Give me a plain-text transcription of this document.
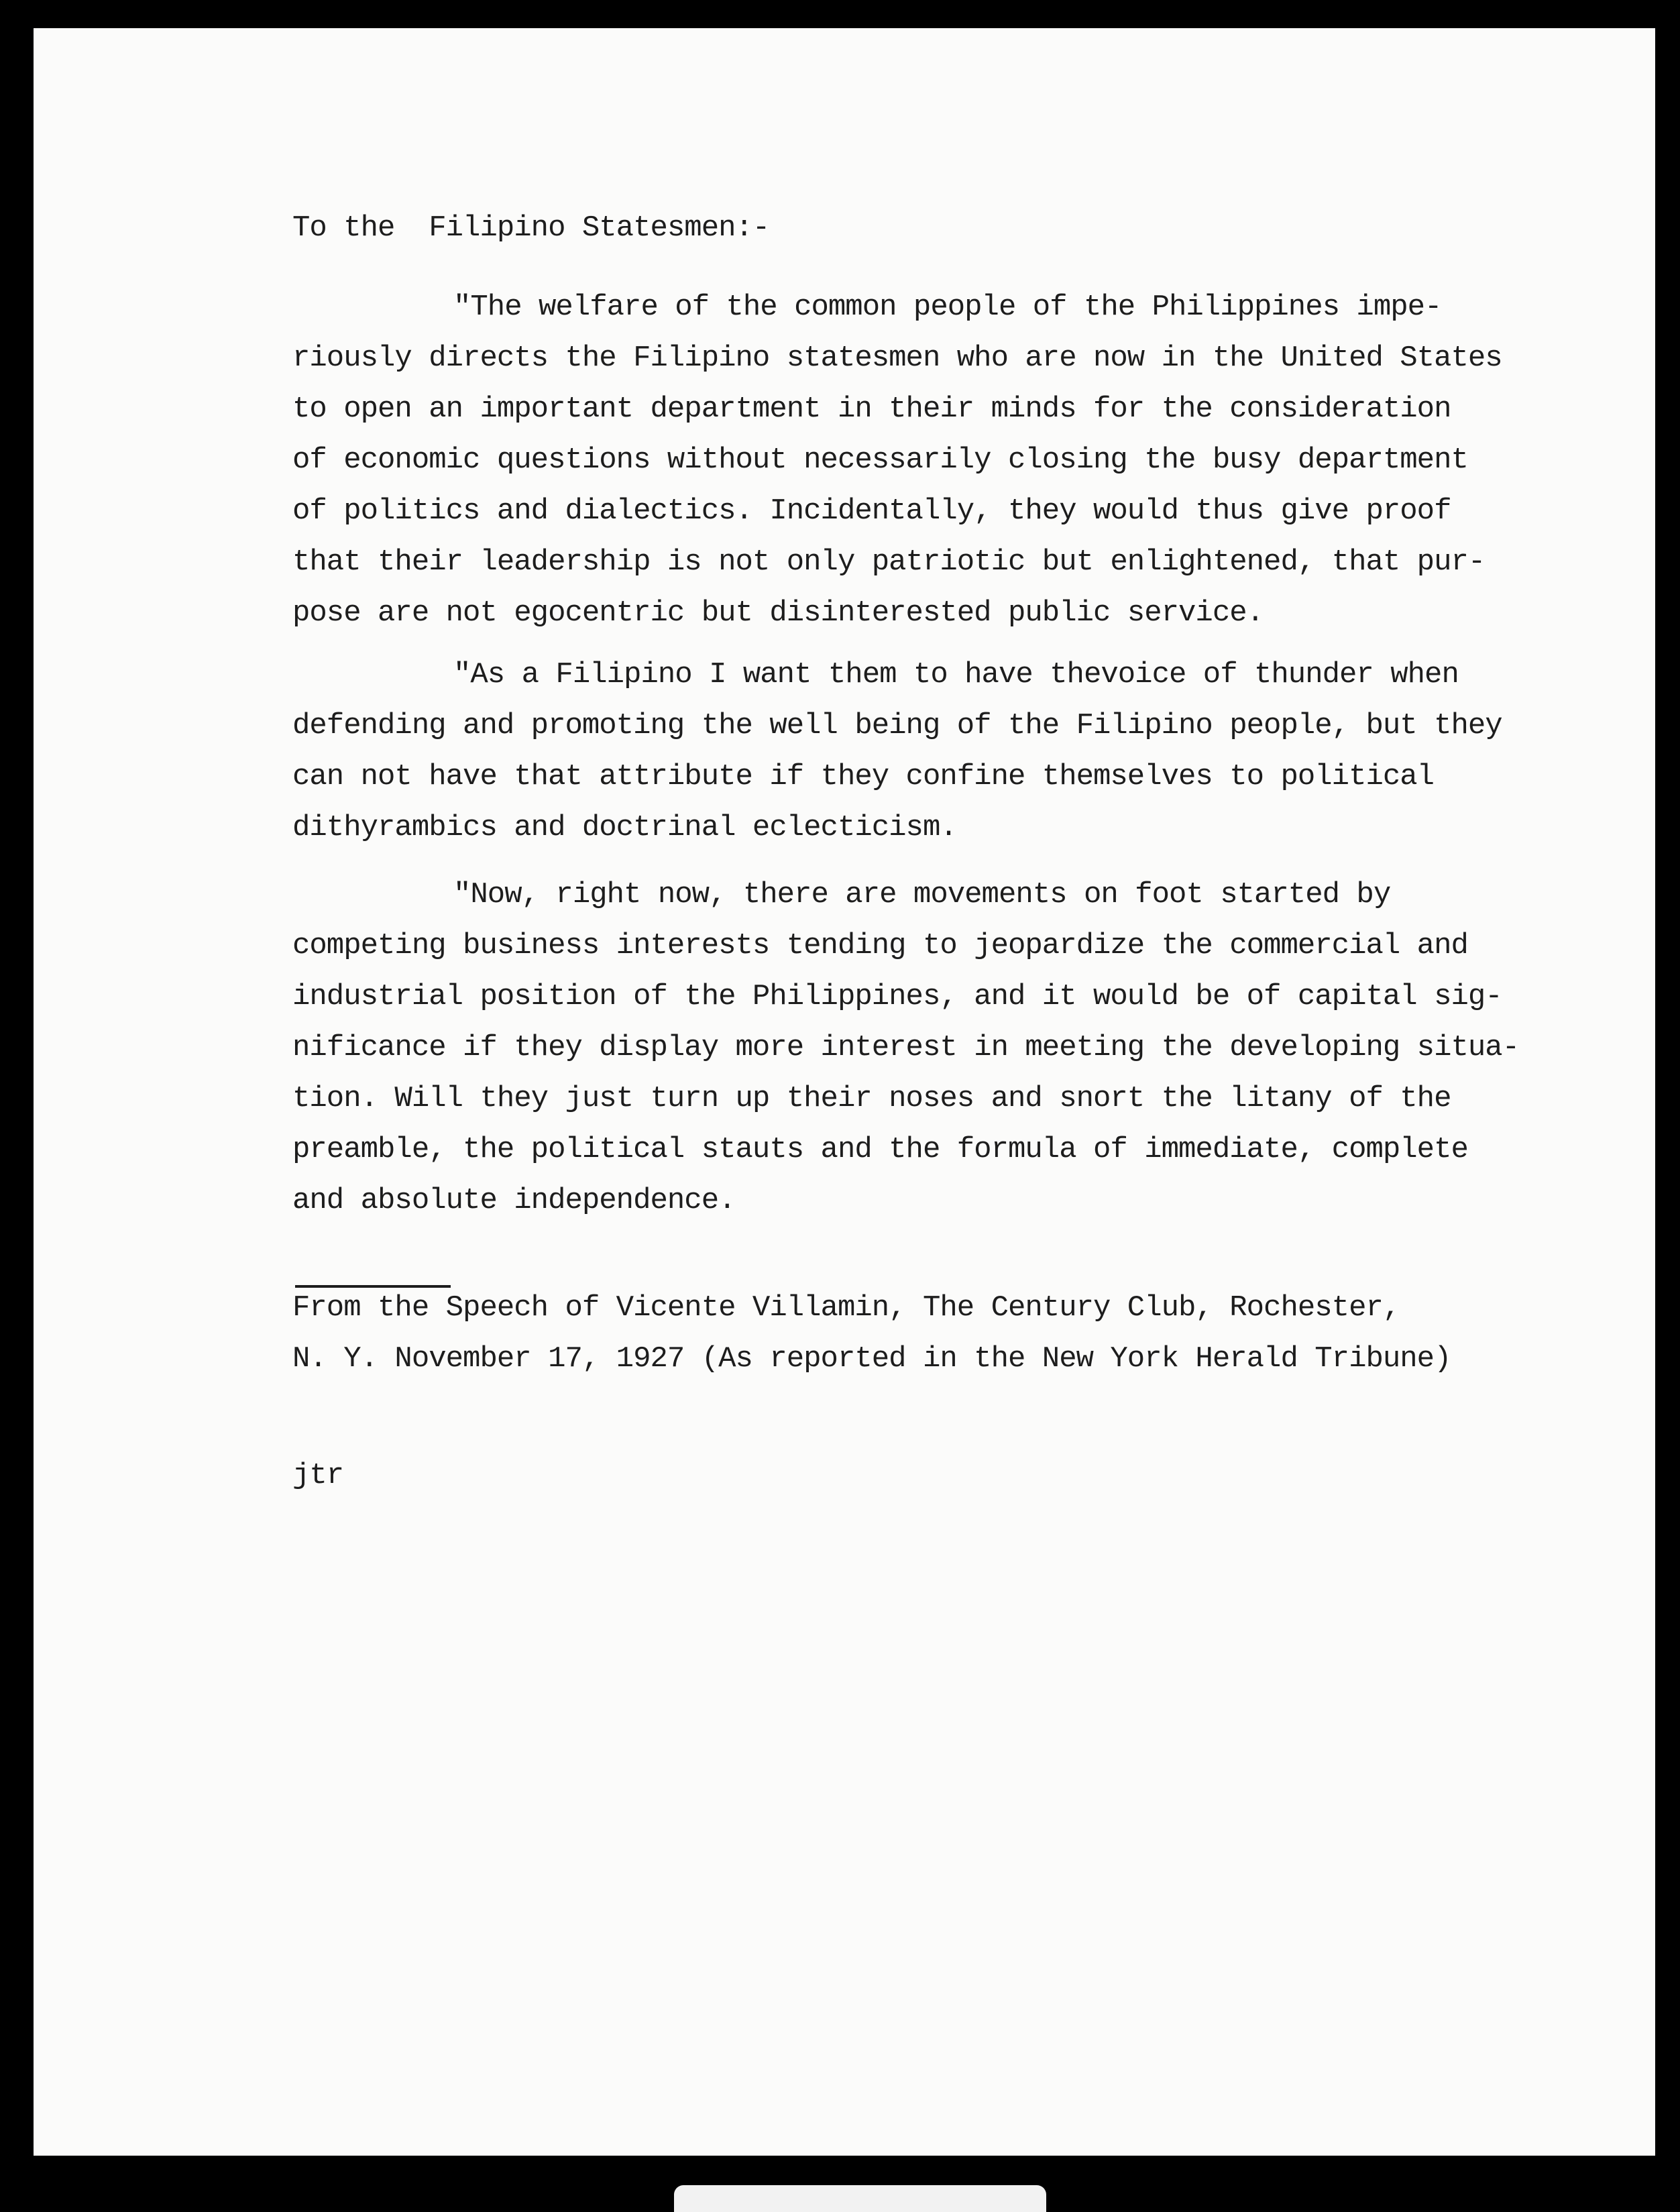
To the  Filipino Statesmen:-

"The welfare of the common people of the Philippines impe-
riously directs the Filipino statesmen who are now in the United States
to open an important department in their minds for the consideration
of economic questions without necessarily closing the busy department
of politics and dialectics. Incidentally, they would thus give proof
that their leadership is not only patriotic but enlightened, that pur-
pose are not egocentric but disinterested public service.

"As a Filipino I want them to have thevoice of thunder when
defending and promoting the well being of the Filipino people, but they
can not have that attribute if they confine themselves to political
dithyrambics and doctrinal eclecticism.

"Now, right now, there are movements on foot started by
competing business interests tending to jeopardize the commercial and
industrial position of the Philippines, and it would be of capital sig-
nificance if they display more interest in meeting the developing situa-
tion. Will they just turn up their noses and snort the litany of the
preamble, the political stauts and the formula of immediate, complete
and absolute independence.

From the Speech of Vicente Villamin, The Century Club, Rochester,
N. Y. November 17, 1927 (As reported in the New York Herald Tribune)

jtr
